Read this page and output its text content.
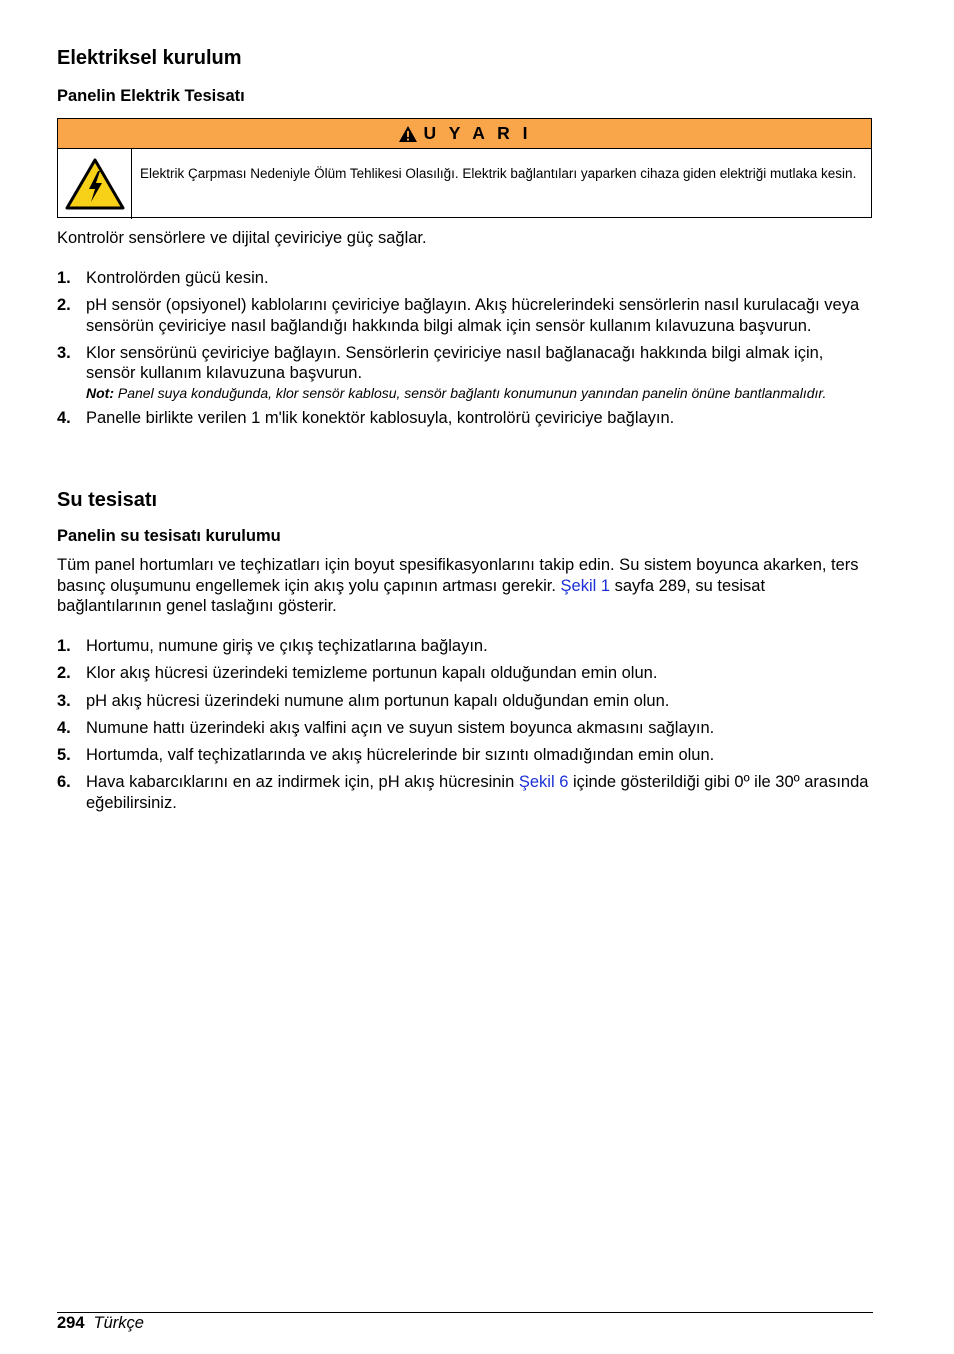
Elektriksel kurulum
Panelin Elektrik Tesisatı
U Y A R I
Elektrik Çarpması Nedeniyle Ölüm Tehlikesi Olasılığı. Elektrik bağlantıları yaparken cihaza giden elektriği mutlaka kesin.

Kontrolör sensörlere ve dijital çeviriciye güç sağlar.

1. Kontrolörden gücü kesin.
2. pH sensör (opsiyonel) kablolarını çeviriciye bağlayın. Akış hücrelerindeki sensörlerin nasıl kurulacağı veya sensörün çeviriciye nasıl bağlandığı hakkında bilgi almak için sensör kullanım kılavuzuna başvurun.
3. Klor sensörünü çeviriciye bağlayın. Sensörlerin çeviriciye nasıl bağlanacağı hakkında bilgi almak için, sensör kullanım kılavuzuna başvurun.
Not: Panel suya konduğunda, klor sensör kablosu, sensör bağlantı konumunun yanından panelin önüne bantlanmalıdır.
4. Panelle birlikte verilen 1 m'lik konektör kablosuyla, kontrolörü çeviriciye bağlayın.
Su tesisatı
Panelin su tesisatı kurulumu

Tüm panel hortumları ve teçhizatları için boyut spesifikasyonlarını takip edin. Su sistem boyunca akarken, ters basınç oluşumunu engellemek için akış yolu çapının artması gerekir. Şekil 1 sayfa 289, su tesisat bağlantılarının genel taslağını gösterir.

1. Hortumu, numune giriş ve çıkış teçhizatlarına bağlayın.
2. Klor akış hücresi üzerindeki temizleme portunun kapalı olduğundan emin olun.
3. pH akış hücresi üzerindeki numune alım portunun kapalı olduğundan emin olun.
4. Numune hattı üzerindeki akış valfini açın ve suyun sistem boyunca akmasını sağlayın.
5. Hortumda, valf teçhizatlarında ve akış hücrelerinde bir sızıntı olmadığından emin olun.
6. Hava kabarcıklarını en az indirmek için, pH akış hücresinin Şekil 6 içinde gösterildiği gibi 0º ile 30º arasında eğebilirsiniz.
294 Türkçe
